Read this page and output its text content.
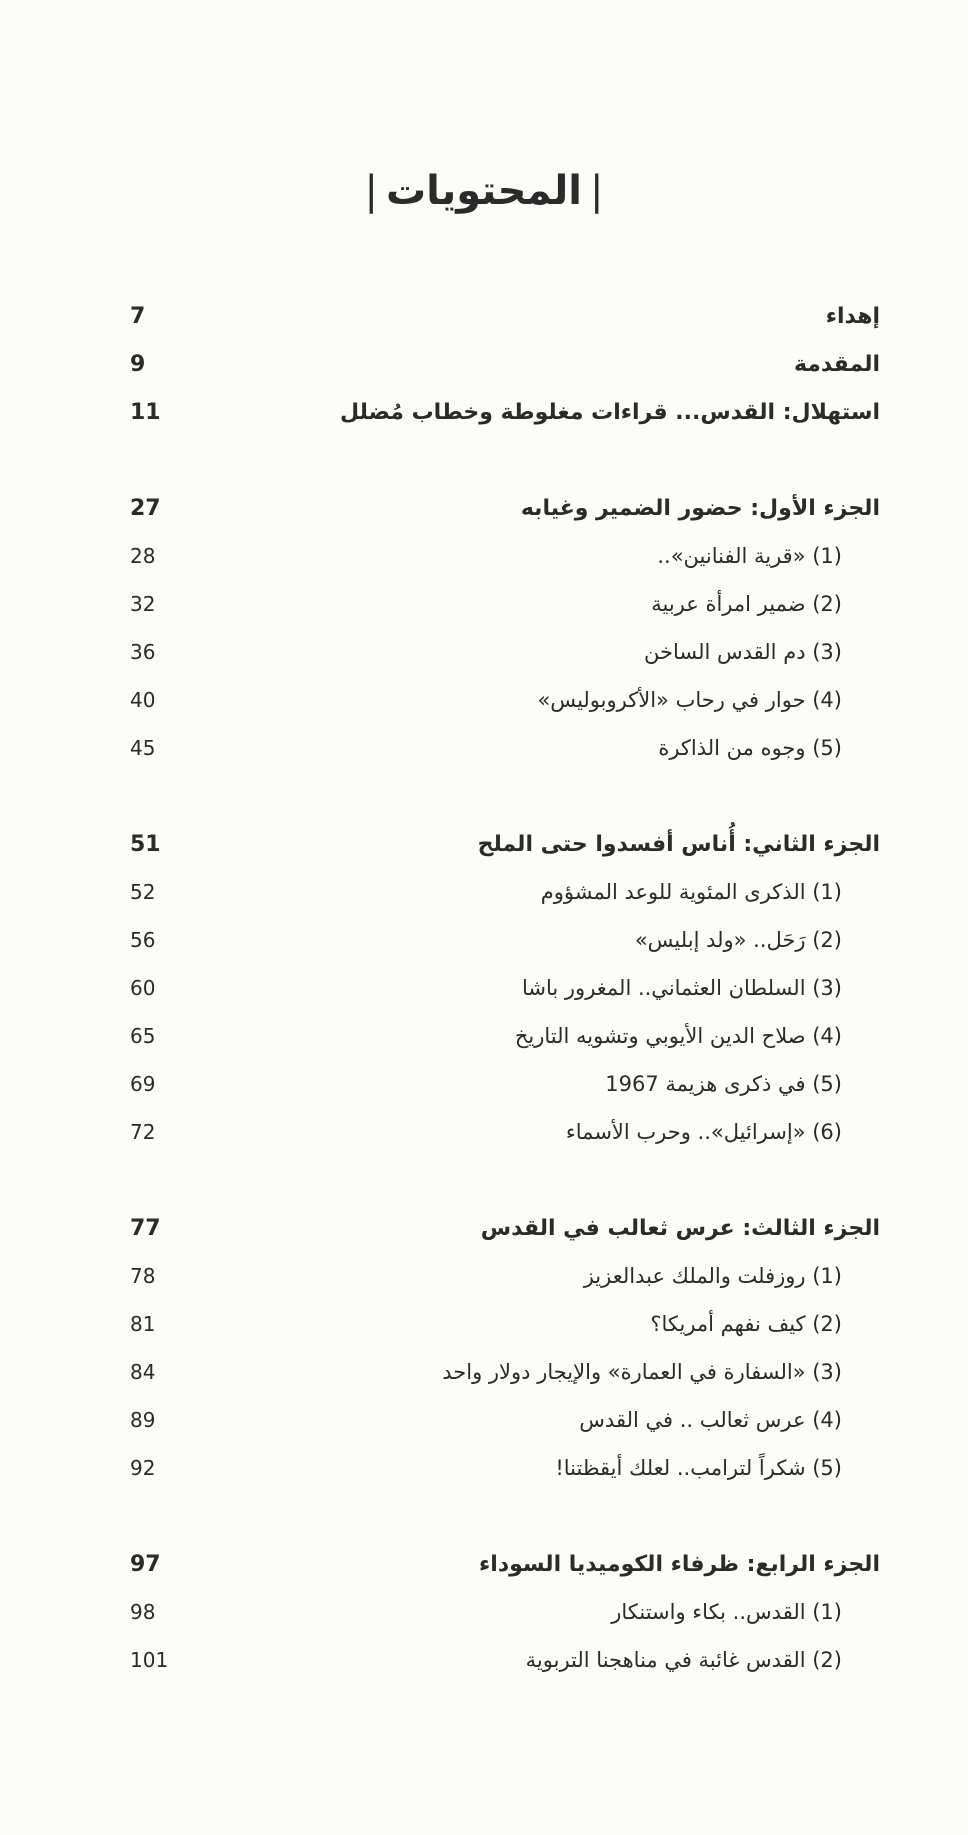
|المحتويات|
إهداء
7
المقدمة
9
استهلال: القدس... قراءات مغلوطة وخطاب مُضلل
11
الجزء الأول: حضور الضمير وغيابه
27
(1) «قرية الفنانين»..
28
(2) ضمير امرأة عربية
32
(3) دم القدس الساخن
36
(4) حوار في رحاب «الأكروبوليس»
40
(5) وجوه من الذاكرة
45
الجزء الثاني: أُناس أفسدوا حتى الملح
51
(1) الذكرى المئوية للوعد المشؤوم
52
(2) رَحَل.. «ولد إبليس»
56
(3) السلطان العثماني.. المغرور باشا
60
(4) صلاح الدين الأيوبي وتشويه التاريخ
65
(5) في ذكرى هزيمة 1967
69
(6) «إسرائيل».. وحرب الأسماء
72
الجزء الثالث: عرس ثعالب في القدس
77
(1) روزفلت والملك عبدالعزيز
78
(2) كيف نفهم أمريكا؟
81
(3) «السفارة في العمارة» والإيجار دولار واحد
84
(4) عرس ثعالب .. في القدس
89
(5) شكراً لترامب.. لعلك أيقظتنا!
92
الجزء الرابع: ظرفاء الكوميديا السوداء
97
(1) القدس.. بكاء واستنكار
98
(2) القدس غائبة في مناهجنا التربوية
101
